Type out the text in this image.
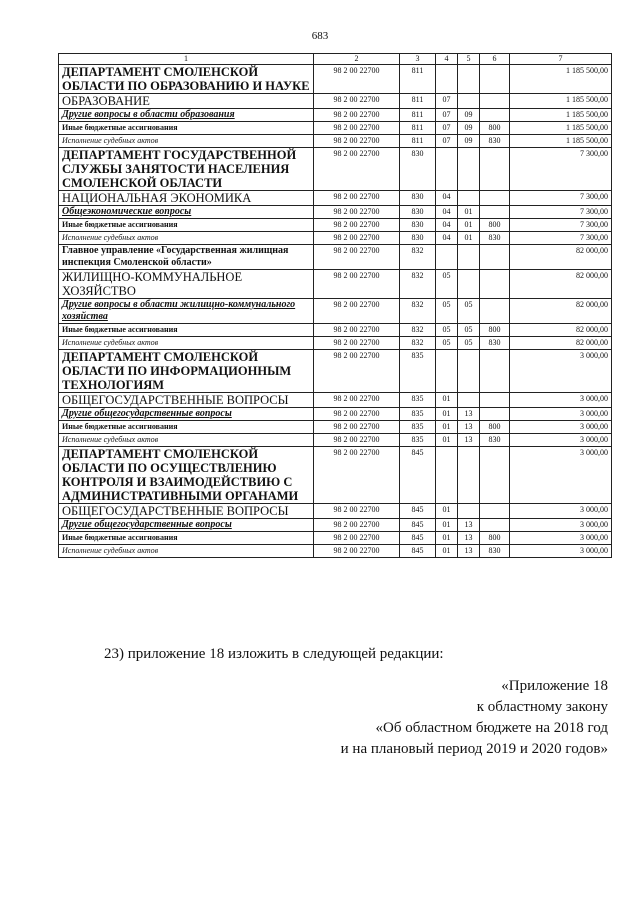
683
1	2	3	4	5	6	7
ДЕПАРТАМЕНТ СМОЛЕНСКОЙ ОБЛАСТИ ПО ОБРАЗОВАНИЮ И НАУКЕ	98 2 00 22700	811				1 185 500,00
ОБРАЗОВАНИЕ	98 2 00 22700	811	07			1 185 500,00
Другие вопросы в области образования	98 2 00 22700	811	07	09		1 185 500,00
Иные бюджетные ассигнования	98 2 00 22700	811	07	09	800	1 185 500,00
Исполнение судебных актов	98 2 00 22700	811	07	09	830	1 185 500,00
ДЕПАРТАМЕНТ ГОСУДАРСТВЕННОЙ СЛУЖБЫ ЗАНЯТОСТИ НАСЕЛЕНИЯ СМОЛЕНСКОЙ ОБЛАСТИ	98 2 00 22700	830				7 300,00
НАЦИОНАЛЬНАЯ ЭКОНОМИКА	98 2 00 22700	830	04			7 300,00
Общеэкономические вопросы	98 2 00 22700	830	04	01		7 300,00
Иные бюджетные ассигнования	98 2 00 22700	830	04	01	800	7 300,00
Исполнение судебных актов	98 2 00 22700	830	04	01	830	7 300,00
Главное управление «Государственная жилищная инспекция Смоленской области»	98 2 00 22700	832				82 000,00
ЖИЛИЩНО-КОММУНАЛЬНОЕ ХОЗЯЙСТВО	98 2 00 22700	832	05			82 000,00
Другие вопросы в области жилищно-коммунального хозяйства	98 2 00 22700	832	05	05		82 000,00
Иные бюджетные ассигнования	98 2 00 22700	832	05	05	800	82 000,00
Исполнение судебных актов	98 2 00 22700	832	05	05	830	82 000,00
ДЕПАРТАМЕНТ СМОЛЕНСКОЙ ОБЛАСТИ ПО ИНФОРМАЦИОННЫМ ТЕХНОЛОГИЯМ	98 2 00 22700	835				3 000,00
ОБЩЕГОСУДАРСТВЕННЫЕ ВОПРОСЫ	98 2 00 22700	835	01			3 000,00
Другие общегосударственные вопросы	98 2 00 22700	835	01	13		3 000,00
Иные бюджетные ассигнования	98 2 00 22700	835	01	13	800	3 000,00
Исполнение судебных актов	98 2 00 22700	835	01	13	830	3 000,00
ДЕПАРТАМЕНТ СМОЛЕНСКОЙ ОБЛАСТИ ПО ОСУЩЕСТВЛЕНИЮ КОНТРОЛЯ И ВЗАИМОДЕЙСТВИЮ С АДМИНИСТРАТИВНЫМИ ОРГАНАМИ	98 2 00 22700	845				3 000,00
ОБЩЕГОСУДАРСТВЕННЫЕ ВОПРОСЫ	98 2 00 22700	845	01			3 000,00
Другие общегосударственные вопросы	98 2 00 22700	845	01	13		3 000,00
Иные бюджетные ассигнования	98 2 00 22700	845	01	13	800	3 000,00
Исполнение судебных актов	98 2 00 22700	845	01	13	830	3 000,00
23) приложение 18 изложить в следующей редакции:
«Приложение 18
к областному закону
«Об областном бюджете на 2018 год
и на плановый период 2019 и 2020 годов»
